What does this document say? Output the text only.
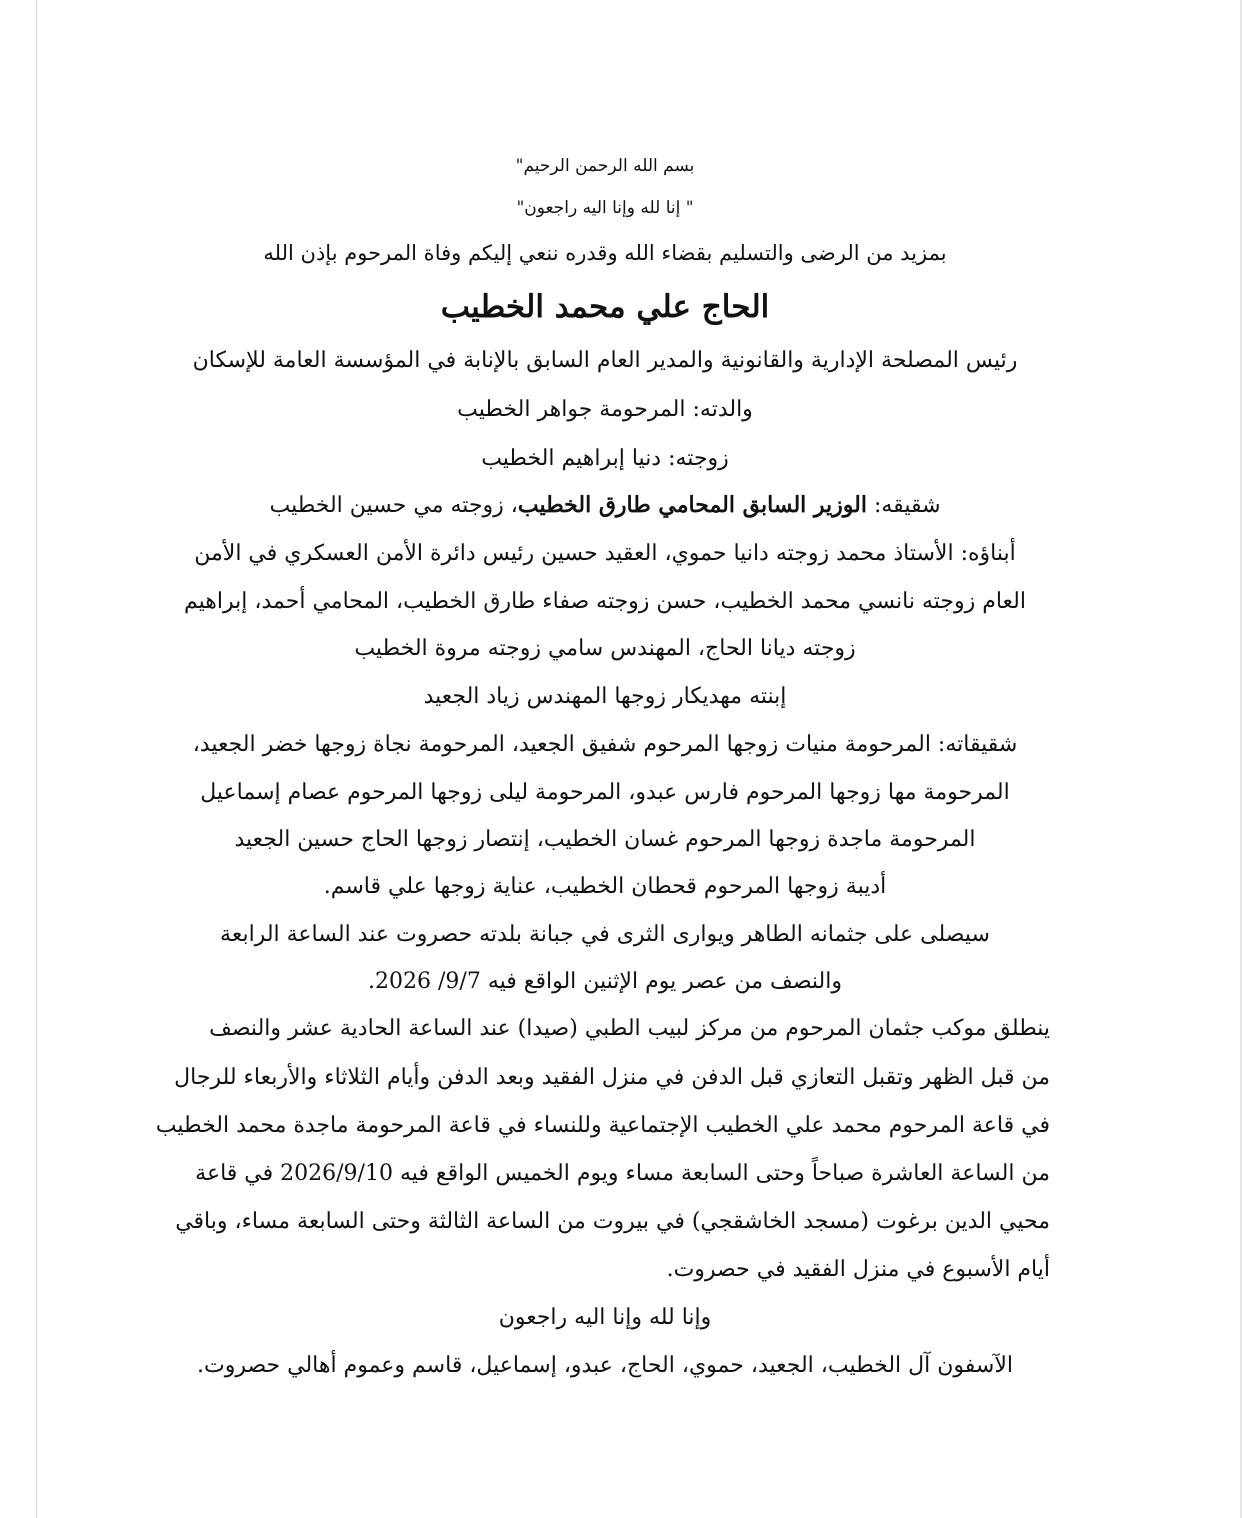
بسم الله الرحمن الرحيم"
" إنا لله وإنا اليه راجعون"
بمزيد من الرضى والتسليم بقضاء الله وقدره ننعي إليكم وفاة المرحوم بإذن الله
الحاج علي محمد الخطيب
رئيس المصلحة الإدارية والقانونية والمدير العام السابق بالإنابة في المؤسسة العامة للإسكان
والدته: المرحومة جواهر الخطيب
زوجته: دنيا إبراهيم الخطيب
شقيقه: الوزير السابق المحامي طارق الخطيب، زوجته مي حسين الخطيب
أبناؤه: الأستاذ محمد زوجته دانيا حموي، العقيد حسين رئيس دائرة الأمن العسكري في الأمن
العام زوجته نانسي محمد الخطيب، حسن زوجته صفاء طارق الخطيب، المحامي أحمد، إبراهيم
زوجته ديانا الحاج، المهندس سامي زوجته مروة الخطيب
إبنته مهديكار زوجها المهندس زياد الجعيد
شقيقاته: المرحومة منيات زوجها المرحوم شفيق الجعيد، المرحومة نجاة زوجها خضر الجعيد،
المرحومة مها زوجها المرحوم فارس عبدو، المرحومة ليلى زوجها المرحوم عصام إسماعيل
المرحومة ماجدة زوجها المرحوم غسان الخطيب، إنتصار زوجها الحاج حسين الجعيد
أديبة زوجها المرحوم قحطان الخطيب، عناية زوجها علي قاسم.
سيصلى على جثمانه الطاهر ويوارى الثرى في جبانة بلدته حصروت عند الساعة الرابعة
والنصف من عصر يوم الإثنين الواقع فيه 9/7/ 2026.
ينطلق موكب جثمان المرحوم من مركز لبيب الطبي (صيدا) عند الساعة الحادية عشر والنصف
من قبل الظهر وتقبل التعازي قبل الدفن في منزل الفقيد وبعد الدفن وأيام الثلاثاء والأربعاء للرجال
في قاعة المرحوم محمد علي الخطيب الإجتماعية وللنساء في قاعة المرحومة ماجدة محمد الخطيب
من الساعة العاشرة صباحاً وحتى السابعة مساء ويوم الخميس الواقع فيه 2026/9/10 في قاعة
محيي الدين برغوت (مسجد الخاشقجي) في بيروت من الساعة الثالثة وحتى السابعة مساء، وباقي
أيام الأسبوع في منزل الفقيد في حصروت.
وإنا لله وإنا اليه راجعون
الآسفون آل الخطيب، الجعيد، حموي، الحاج، عبدو، إسماعيل، قاسم وعموم أهالي حصروت.
